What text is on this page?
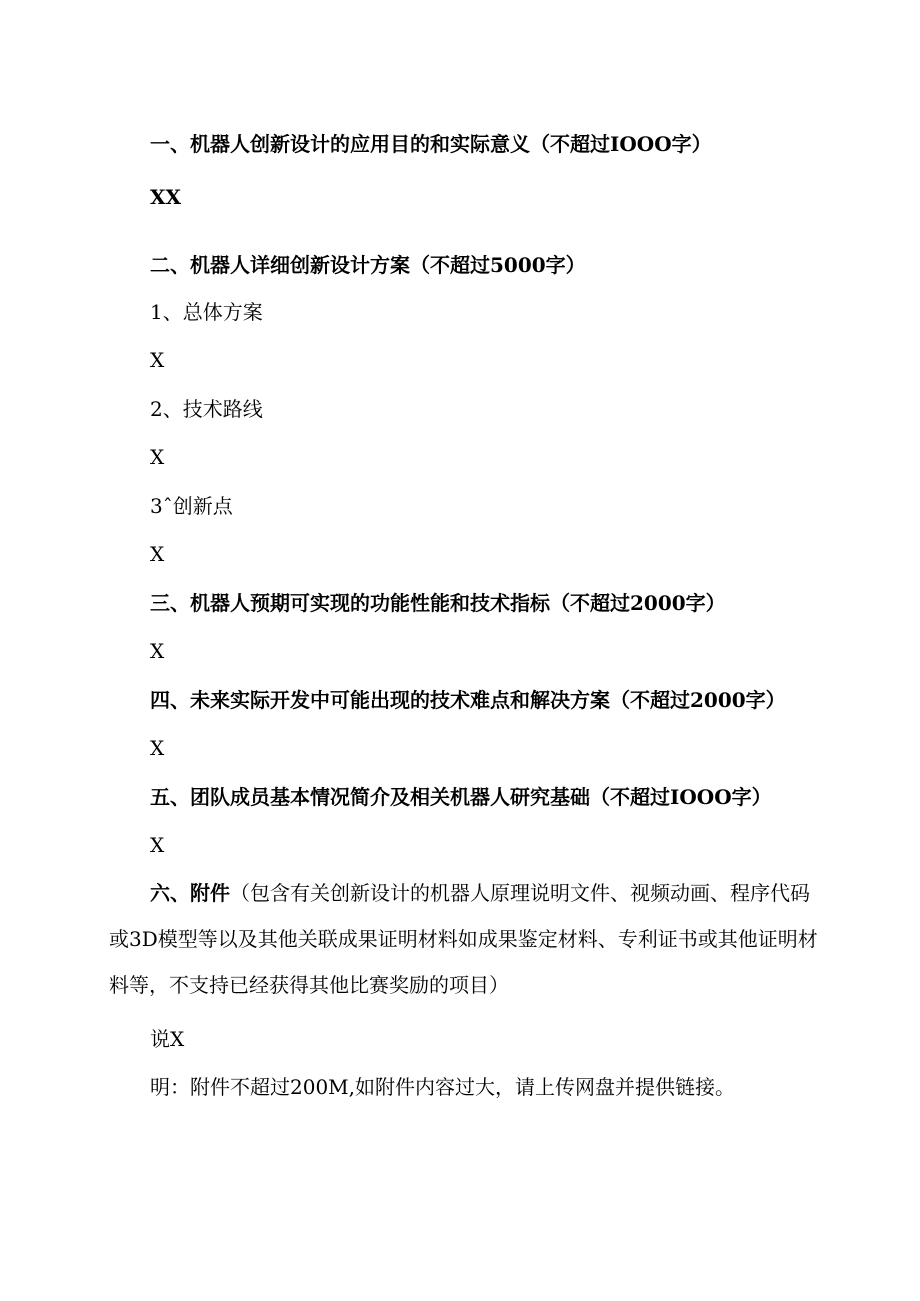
一、机器人创新设计的应用目的和实际意义（不超过IOOO字）
XX
二、机器人详细创新设计方案（不超过5000字）
1、总体方案
X
2、技术路线
X
3ˆ创新点
X
三、机器人预期可实现的功能性能和技术指标（不超过2000字）
X
四、未来实际开发中可能出现的技术难点和解决方案（不超过2000字）
X
五、团队成员基本情况简介及相关机器人研究基础（不超过IOOO字）
X
六、附件（包含有关创新设计的机器人原理说明文件、视频动画、程序代码或3D模型等以及其他关联成果证明材料如成果鉴定材料、专利证书或其他证明材料等，不支持已经获得其他比赛奖励的项目）
说X
明：附件不超过200M,如附件内容过大，请上传网盘并提供链接。
